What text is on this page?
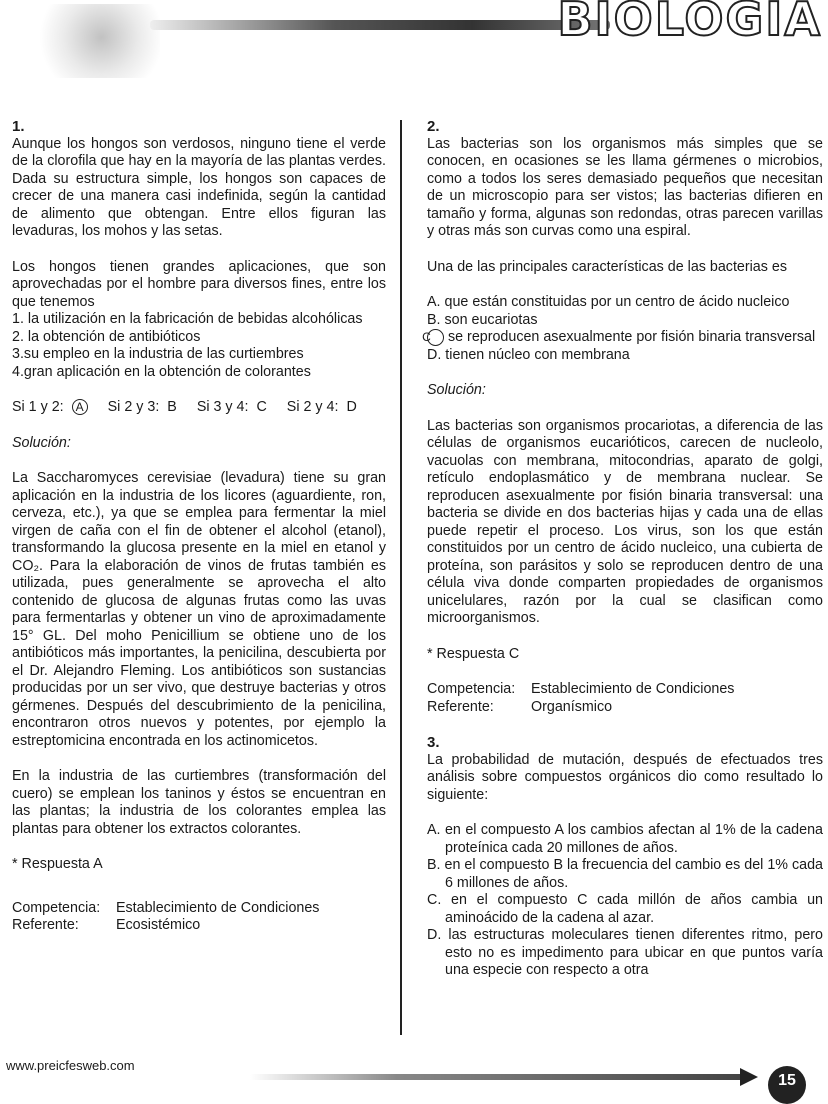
BIOLOGIA

1.

Aunque los hongos son verdosos, ninguno tiene el verde de la clorofila que hay en la mayoría de las plantas verdes. Dada su estructura simple, los hongos son capaces de crecer de una manera casi indefinida, según la cantidad de alimento que obtengan. Entre ellos figuran las levaduras, los mohos y las setas.

Los hongos tienen grandes aplicaciones, que son aprovechadas por el hombre para diversos fines, entre los que tenemos

1. la utilización en la fabricación de bebidas alcohólicas
2. la obtención de antibióticos
3.su empleo en la industria de las curtiembres
4.gran aplicación en la obtención de colorantes
Si 1 y 2: A Si 2 y 3: B Si 3 y 4: C Si 2 y 4: D

Solución:

La Saccharomyces cerevisiae (levadura) tiene su gran aplicación en la industria de los licores (aguardiente, ron, cerveza, etc.), ya que se emplea para fermentar la miel virgen de caña con el fin de obtener el alcohol (etanol), transformando la glucosa presente en la miel en etanol y CO₂. Para la elaboración de vinos de frutas también es utilizada, pues generalmente se aprovecha el alto contenido de glucosa de algunas frutas como las uvas para fermentarlas y obtener un vino de aproximadamente 15° GL. Del moho Penicillium se obtiene uno de los antibióticos más importantes, la penicilina, descubierta por el Dr. Alejandro Fleming. Los antibióticos son sustancias producidas por un ser vivo, que destruye bacterias y otros gérmenes. Después del descubrimiento de la penicilina, encontraron otros nuevos y potentes, por ejemplo la estreptomicina encontrada en los actinomicetos.

En la industria de las curtiembres (transformación del cuero) se emplean los taninos y éstos se encuentran en las plantas; la industria de los colorantes emplea las plantas para obtener los extractos colorantes.

* Respuesta A

Competencia:	Establecimiento de Condiciones
Referente:	Ecosistémico

2.

Las bacterias son los organismos más simples que se conocen, en ocasiones se les llama gérmenes o microbios, como a todos los seres demasiado pequeños que necesitan de un microscopio para ser vistos; las bacterias difieren en tamaño y forma, algunas son redondas, otras parecen varillas y otras más son curvas como una espiral.

Una de las principales características de las bacterias es

A. que están constituidas por un centro de ácido nucleico

B. son eucariotas

C se reproducen asexualmente por fisión binaria transversal

D. tienen núcleo con membrana

Solución:

Las bacterias son organismos procariotas, a diferencia de las células de organismos eucarióticos, carecen de nucleolo, vacuolas con membrana, mitocondrias, aparato de golgi, retículo endoplasmático y de membrana nuclear. Se reproducen asexualmente por fisión binaria transversal: una bacteria se divide en dos bacterias hijas y cada una de ellas puede repetir el proceso. Los virus, son los que están constituidos por un centro de ácido nucleico, una cubierta de proteína, son parásitos y solo se reproducen dentro de una célula viva donde comparten propiedades de organismos unicelulares, razón por la cual se clasifican como microorganismos.

* Respuesta C

Competencia:	Establecimiento de Condiciones
Referente:	Organísmico

3.

La probabilidad de mutación, después de efectuados tres análisis sobre compuestos orgánicos dio como resultado lo siguiente:

A. en el compuesto A los cambios afectan al 1% de la cadena proteínica cada 20 millones de años.

B. en el compuesto B la frecuencia del cambio es del 1% cada 6 millones de años.

C. en el compuesto C cada millón de años cambia un aminoácido de la cadena al azar.

D. las estructuras moleculares tienen diferentes ritmo, pero esto no es impedimento para ubicar en que puntos varía una especie con respecto a otra

www.preicfesweb.com
15
